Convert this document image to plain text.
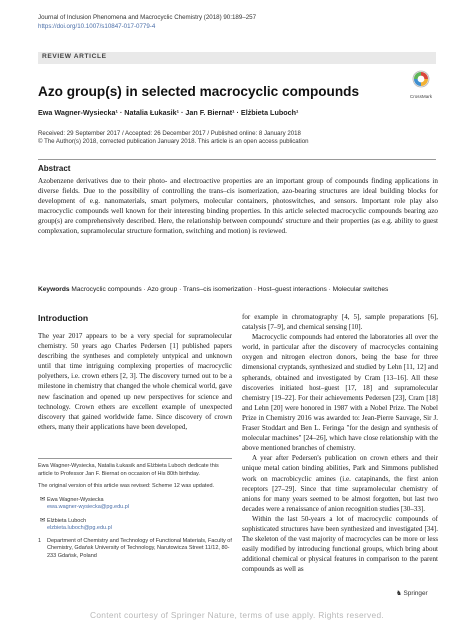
Journal of Inclusion Phenomena and Macrocyclic Chemistry (2018) 90:189–257
https://doi.org/10.1007/s10847-017-0779-4
REVIEW ARTICLE
CrossMark
Azo group(s) in selected macrocyclic compounds
Ewa Wagner‑Wysiecka¹ · Natalia Łukasik¹ · Jan F. Biernat¹ · Elżbieta Luboch¹
Received: 29 September 2017 / Accepted: 26 December 2017 / Published online: 8 January 2018
© The Author(s) 2018, corrected publication January 2018. This article is an open access publication
Abstract
Azobenzene derivatives due to their photo- and electroactive properties are an important group of compounds finding applications in diverse fields. Due to the possibility of controlling the trans–cis isomerization, azo-bearing structures are ideal building blocks for development of e.g. nanomaterials, smart polymers, molecular containers, photoswitches, and sensors. Important role play also macrocyclic compounds well known for their interesting binding properties. In this article selected macrocyclic compounds bearing azo group(s) are comprehensively described. Here, the relationship between compounds' structure and their properties (as e.g. ability to guest complexation, supramolecular structure formation, switching and motion) is reviewed.
Keywords Macrocyclic compounds · Azo group · Trans–cis isomerization · Host–guest interactions · Molecular switches
Introduction
The year 2017 appears to be a very special for supramolecular chemistry. 50 years ago Charles Pedersen [1] published papers describing the syntheses and completely untypical and unknown until that time intriguing complexing properties of macrocyclic polyethers, i.e. crown ethers [2, 3]. The discovery turned out to be a milestone in chemistry that changed the whole chemical world, gave new fascination and opened up new perspectives for science and technology. Crown ethers are excellent example of unexpected discovery that gained worldwide fame. Since discovery of crown ethers, many their applications have been developed,
Ewa Wagner-Wysiecka, Natalia Łukasik and Elżbieta Luboch dedicate this article to Professor Jan F. Biernat on occasion of His 80th birthday.
The original version of this article was revised: Scheme 12 was updated.
✉ Ewa Wagner-Wysiecka
ewa.wagner-wysiecka@pg.edu.pl
✉ Elżbieta Luboch
elzbieta.luboch@pg.edu.pl
1	Department of Chemistry and Technology of Functional Materials, Faculty of Chemistry, Gdańsk University of Technology, Narutowicza Street 11/12, 80-233 Gdańsk, Poland

for example in chromatography [4, 5], sample preparations [6], catalysis [7–9], and chemical sensing [10].

Macrocyclic compounds had entered the laboratories all over the world, in particular after the discovery of macrocycles containing oxygen and nitrogen electron donors, being the base for three dimensional cryptands, synthesized and studied by Lehn [11, 12] and spherands, obtained and investigated by Cram [13–16]. All these discoveries initiated host–guest [17, 18] and supramolecular chemistry [19–22]. For their achievements Pedersen [23], Cram [18] and Lehn [20] were honored in 1987 with a Nobel Prize. The Nobel Prize in Chemistry 2016 was awarded to: Jean-Pierre Sauvage, Sir J. Fraser Stoddart and Ben L. Feringa "for the design and synthesis of molecular machines" [24–26], which have close relationship with the above mentioned branches of chemistry.

A year after Pedersen's publication on crown ethers and their unique metal cation binding abilities, Park and Simmons published work on macrobicyclic amines (i.e. catapinands, the first anion receptors [27–29]. Since that time supramolecular chemistry of anions for many years seemed to be almost forgotten, but last two decades were a renaissance of anion recognition studies [30–33].

Within the last 50-years a lot of macrocyclic compounds of sophisticated structures have been synthesized and investigated [34]. The skeleton of the vast majority of macrocycles can be more or less easily modified by introducing functional groups, which bring about additional chemical or physical features in comparison to the parent compounds as well as

♞ Springer
Content courtesy of Springer Nature, terms of use apply. Rights reserved.
